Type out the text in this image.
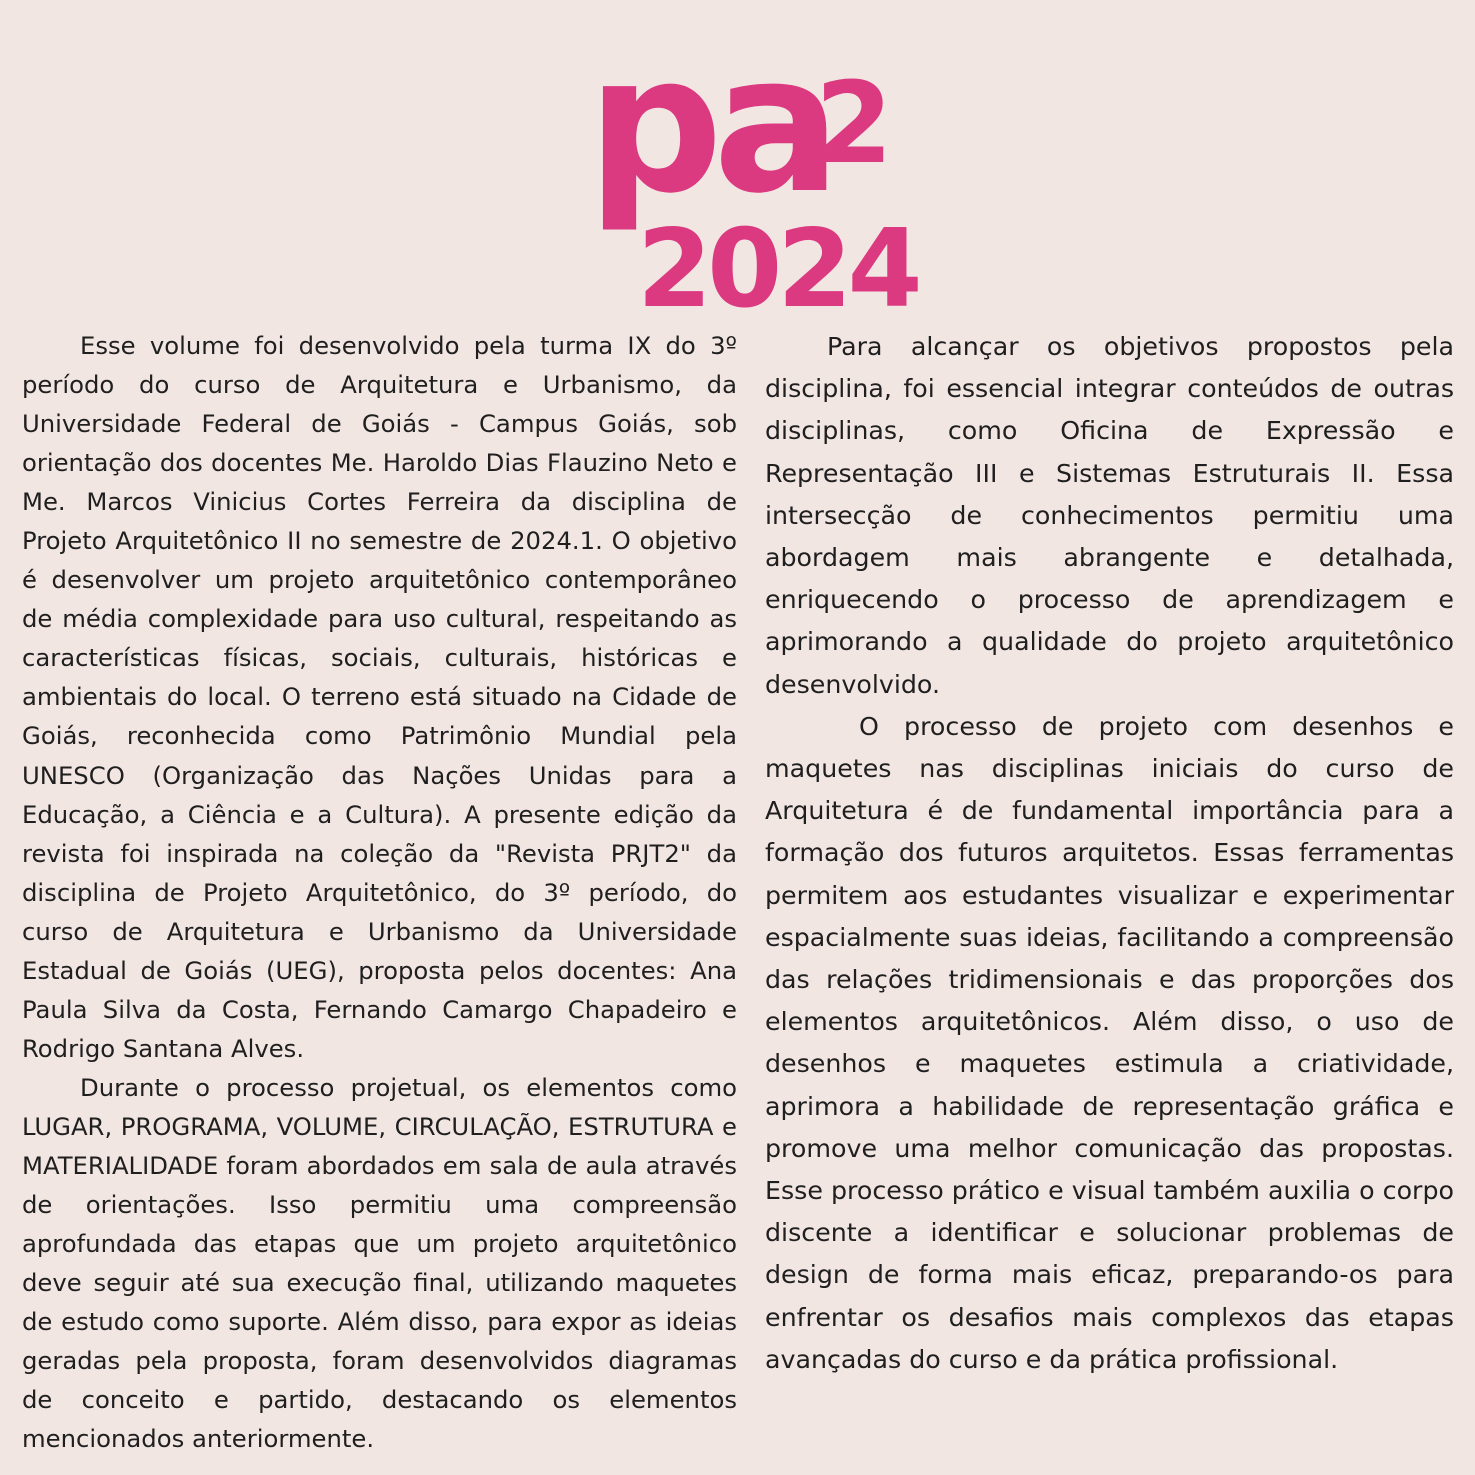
pa
2
2024

Esse volume foi desenvolvido pela turma IX do 3º período do curso de Arquitetura e Urbanismo, da Universidade Federal de Goiás - Campus Goiás, sob orientação dos docentes Me. Haroldo Dias Flauzino Neto e Me. Marcos Vinicius Cortes Ferreira da disciplina de Projeto Arquitetônico II no semestre de 2024.1. O objetivo é desenvolver um projeto arquitetônico contemporâneo de média complexidade para uso cultural, respeitando as características físicas, sociais, culturais, históricas e ambientais do local. O terreno está situado na Cidade de Goiás, reconhecida como Patrimônio Mundial pela UNESCO (Organização das Nações Unidas para a Educação, a Ciência e a Cultura). A presente edição da revista foi inspirada na coleção da "Revista PRJT2" da disciplina de Projeto Arquitetônico, do 3º período, do curso de Arquitetura e Urbanismo da Universidade Estadual de Goiás (UEG), proposta pelos docentes: Ana Paula Silva da Costa, Fernando Camargo Chapadeiro e Rodrigo Santana Alves.

Durante o processo projetual, os elementos como LUGAR, PROGRAMA, VOLUME, CIRCULAÇÃO, ESTRUTURA e MATERIALIDADE foram abordados em sala de aula através de orientações. Isso permitiu uma compreensão aprofundada das etapas que um projeto arquitetônico deve seguir até sua execução final, utilizando maquetes de estudo como suporte. Além disso, para expor as ideias geradas pela proposta, foram desenvolvidos diagramas de conceito e partido, destacando os elementos mencionados anteriormente.

Para alcançar os objetivos propostos pela disciplina, foi essencial integrar conteúdos de outras disciplinas, como Oficina de Expressão e Representação III e Sistemas Estruturais II. Essa intersecção de conhecimentos permitiu uma abordagem mais abrangente e detalhada, enriquecendo o processo de aprendizagem e aprimorando a qualidade do projeto arquitetônico desenvolvido.

O processo de projeto com desenhos e maquetes nas disciplinas iniciais do curso de Arquitetura é de fundamental importância para a formação dos futuros arquitetos. Essas ferramentas permitem aos estudantes visualizar e experimentar espacialmente suas ideias, facilitando a compreensão das relações tridimensionais e das proporções dos elementos arquitetônicos. Além disso, o uso de desenhos e maquetes estimula a criatividade, aprimora a habilidade de representação gráfica e promove uma melhor comunicação das propostas. Esse processo prático e visual também auxilia o corpo discente a identificar e solucionar problemas de design de forma mais eficaz, preparando-os para enfrentar os desafios mais complexos das etapas avançadas do curso e da prática profissional.
